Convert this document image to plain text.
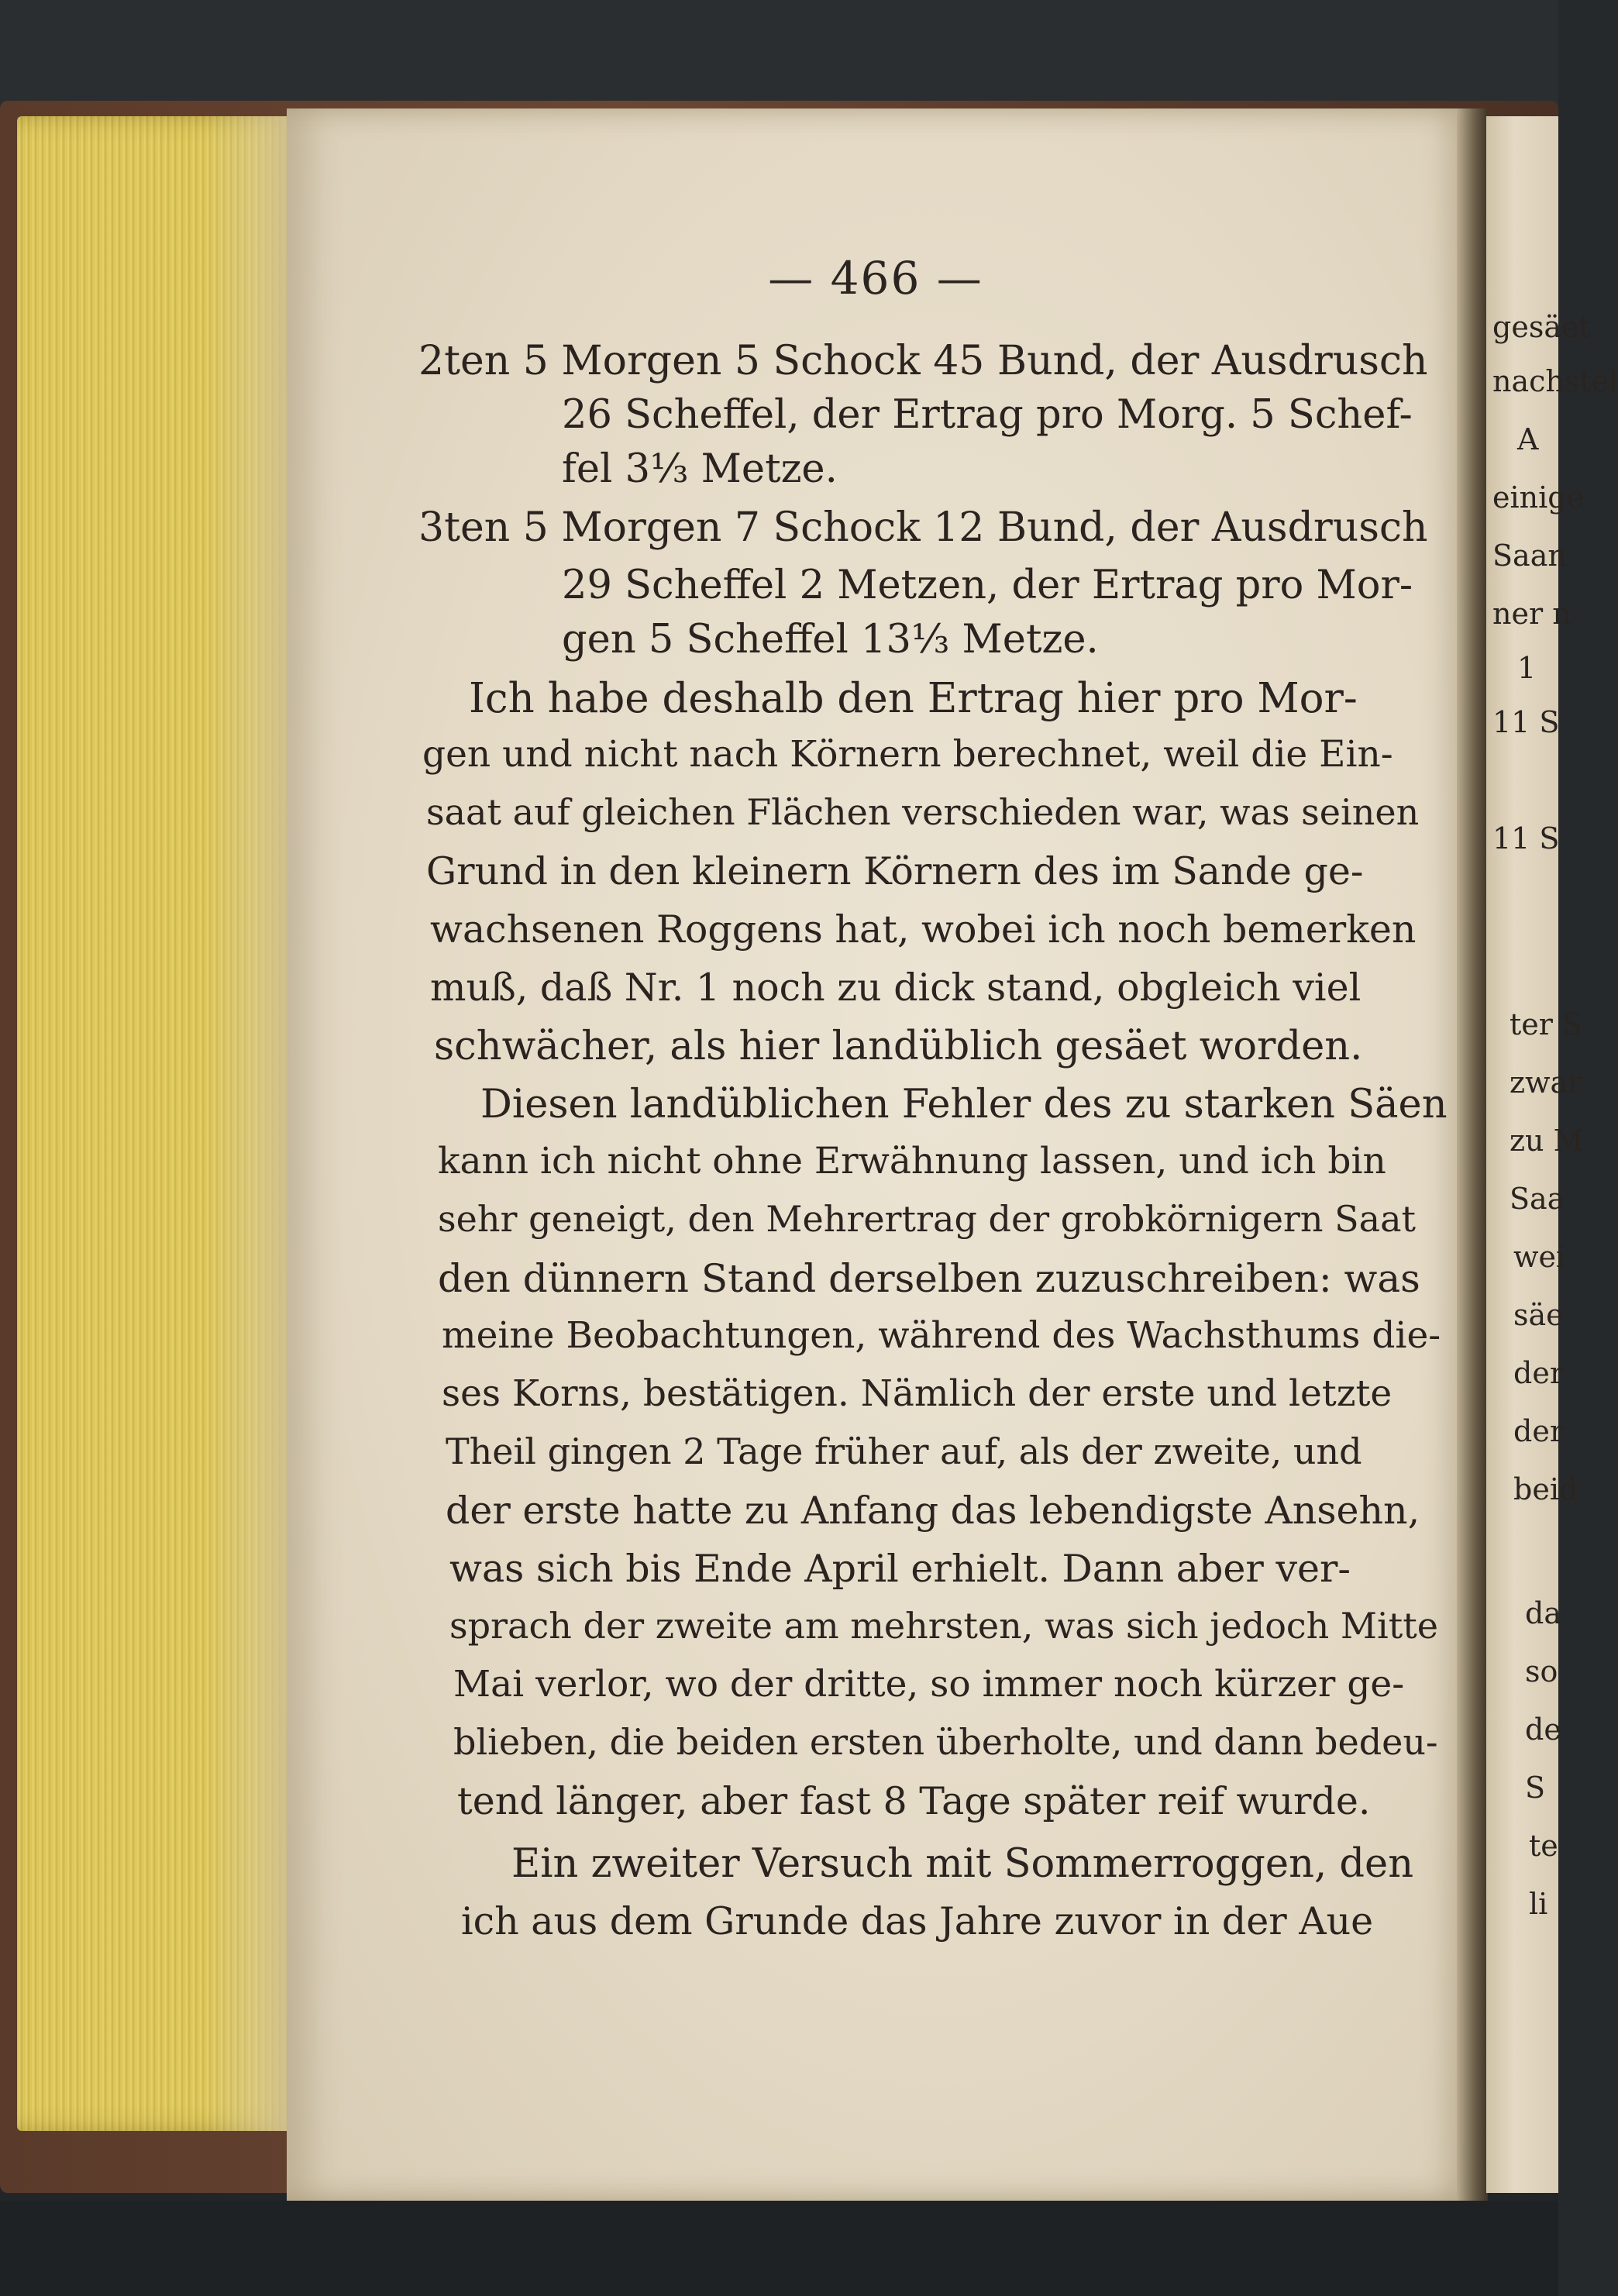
— 466 —
2ten 5 Morgen 5 Schock 45 Bund, der Ausdrusch
26 Scheffel, der Ertrag pro Morg. 5 Schef-
fel 3⅓ Metze.
3ten 5 Morgen 7 Schock 12 Bund, der Ausdrusch
29 Scheffel 2 Metzen, der Ertrag pro Mor-
gen 5 Scheffel 13⅓ Metze.
Ich habe deshalb den Ertrag hier pro Mor-
gen und nicht nach Körnern berechnet, weil die Ein-
saat auf gleichen Flächen verschieden war, was seinen
Grund in den kleinern Körnern des im Sande ge-
wachsenen Roggens hat, wobei ich noch bemerken
muß, daß Nr. 1 noch zu dick stand, obgleich viel
schwächer, als hier landüblich gesäet worden.
Diesen landüblichen Fehler des zu starken Säen
kann ich nicht ohne Erwähnung lassen, und ich bin
sehr geneigt, den Mehrertrag der grobkörnigern Saat
den dünnern Stand derselben zuzuschreiben: was
meine Beobachtungen, während des Wachsthums die-
ses Korns, bestätigen. Nämlich der erste und letzte
Theil gingen 2 Tage früher auf, als der zweite, und
der erste hatte zu Anfang das lebendigste Ansehn,
was sich bis Ende April erhielt. Dann aber ver-
sprach der zweite am mehrsten, was sich jedoch Mitte
Mai verlor, wo der dritte, so immer noch kürzer ge-
blieben, die beiden ersten überholte, und dann bedeu-
tend länger, aber fast 8 Tage später reif wurde.
Ein zweiter Versuch mit Sommerroggen, den
ich aus dem Grunde das Jahre zuvor in der Aue
gesäet
nachstel
A
einige
Saan
ner n
1
11 S
11 S
ter S
zwar
zu M
Saa
wei
säe
der
der
beid
da
so
de
S
te
li
